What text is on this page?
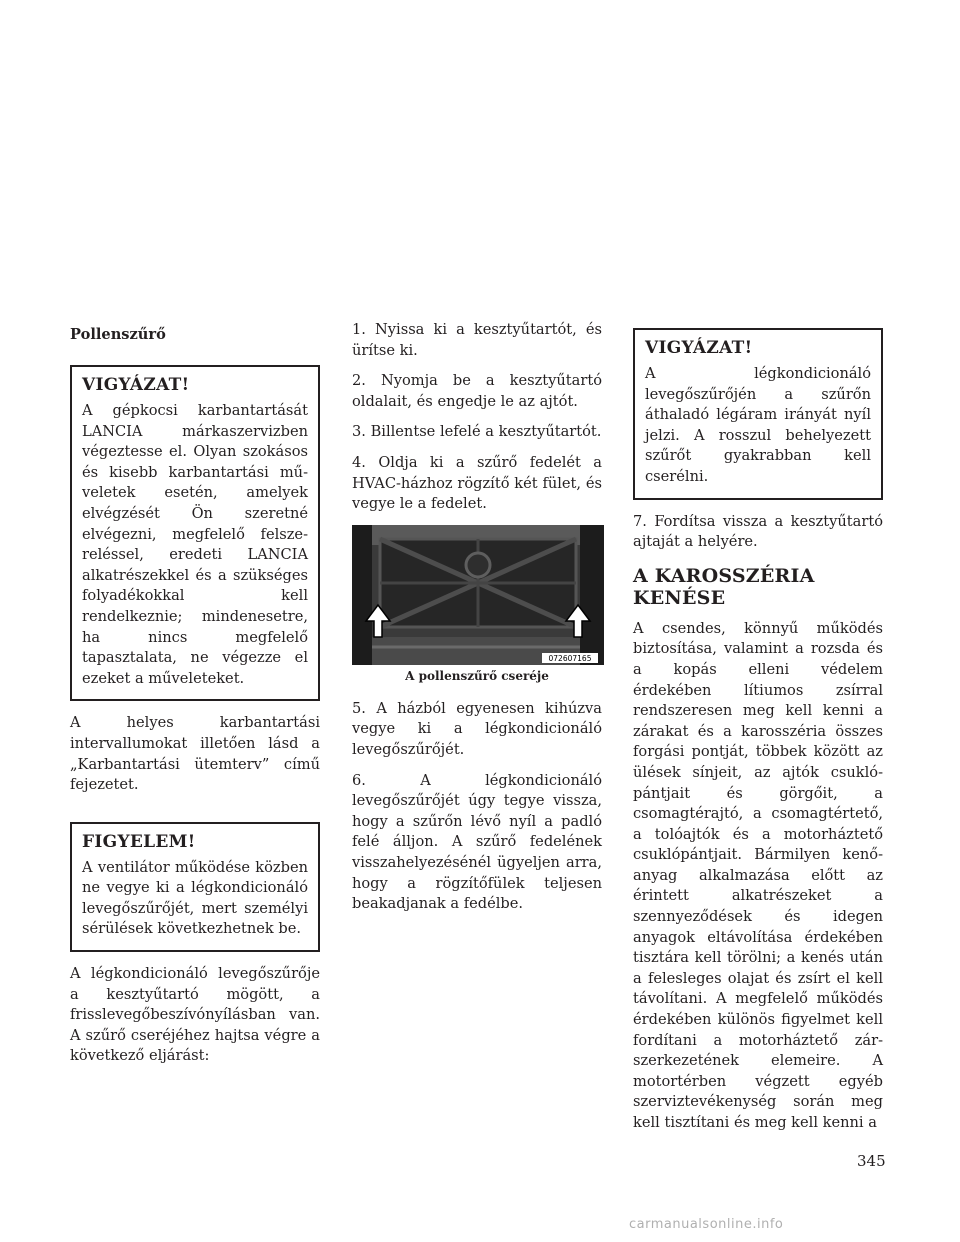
Pollenszűrő
VIGYÁZAT!

A gépkocsi karbantartását LANCIA márkaszervizben végeztesse el. Olyan szokásos és kisebb karbantartási műveletek esetén, amelyek elvégzését Ön szeretné elvégezni, megfelelő felszereléssel, eredeti LANCIA alkatrészekkel és a szükséges folyadékokkal kell rendelkeznie; mindenesetre, ha nincs megfelelő tapasztalata, ne végezze el ezeket a műveleteket.

A helyes karbantartási intervallumokat illetően lásd a „Karbantartási ütemterv” című fejezetet.

FIGYELEM!

A ventilátor működése közben ne vegye ki a légkondicionáló levegőszűrőjét, mert személyi sérülések következhetnek be.

A légkondicionáló levegőszűrője a kesztyűtartó mögött, a frisslevegőbeszívónyílásban van. A szűrő cseréjéhez hajtsa végre a következő eljárást:

1. Nyissa ki a kesztyűtartót, és ürítse ki.

2. Nyomja be a kesztyűtartó oldalait, és engedje le az ajtót.

3. Billentse lefelé a kesztyűtartót.

4. Oldja ki a szűrő fedelét a HVAC-házhoz rögzítő két fület, és vegye le a fedelet.

072607165
A pollenszűrő cseréje

5. A házból egyenesen kihúzva vegye ki a légkondicionáló levegőszűrőjét.

6. A légkondicionáló levegőszűrőjét úgy tegye vissza, hogy a szűrőn lévő nyíl a padló felé álljon. A szűrő fedelének visszahelyezésénél ügyeljen arra, hogy a rögzítőfülek teljesen beakadjanak a fedélbe.

VIGYÁZAT!

A légkondicionáló levegőszűrőjén a szűrőn áthaladó légáram irányát nyíl jelzi. A rosszul behelyezett szűrőt gyakrabban kell cserélni.

7. Fordítsa vissza a kesztyűtartó ajtaját a helyére.

A KAROSSZÉRIA KENÉSE

A csendes, könnyű működés biztosítása, valamint a rozsda és a kopás elleni védelem érdekében lítiumos zsírral rendszeresen meg kell kenni a zárakat és a karosszéria összes forgási pontját, többek között az ülések sínjeit, az ajtók csuklópántjait és görgőit, a csomagtérajtó, a csomagtértető, a tolóajtók és a motorháztető csuklópántjait. Bármilyen kenőanyag alkalmazása előtt az érintett alkatrészeket a szennyeződések és idegen anyagok eltávolítása érdekében tisztára kell törölni; a kenés után a felesleges olajat és zsírt el kell távolítani. A megfelelő működés érdekében különös figyelmet kell fordítani a motorháztető zárszerkezetének elemeire. A motortérben végzett egyéb szerviztevékenység során meg kell tisztítani és meg kell kenni a

345
carmanualsonline.info
